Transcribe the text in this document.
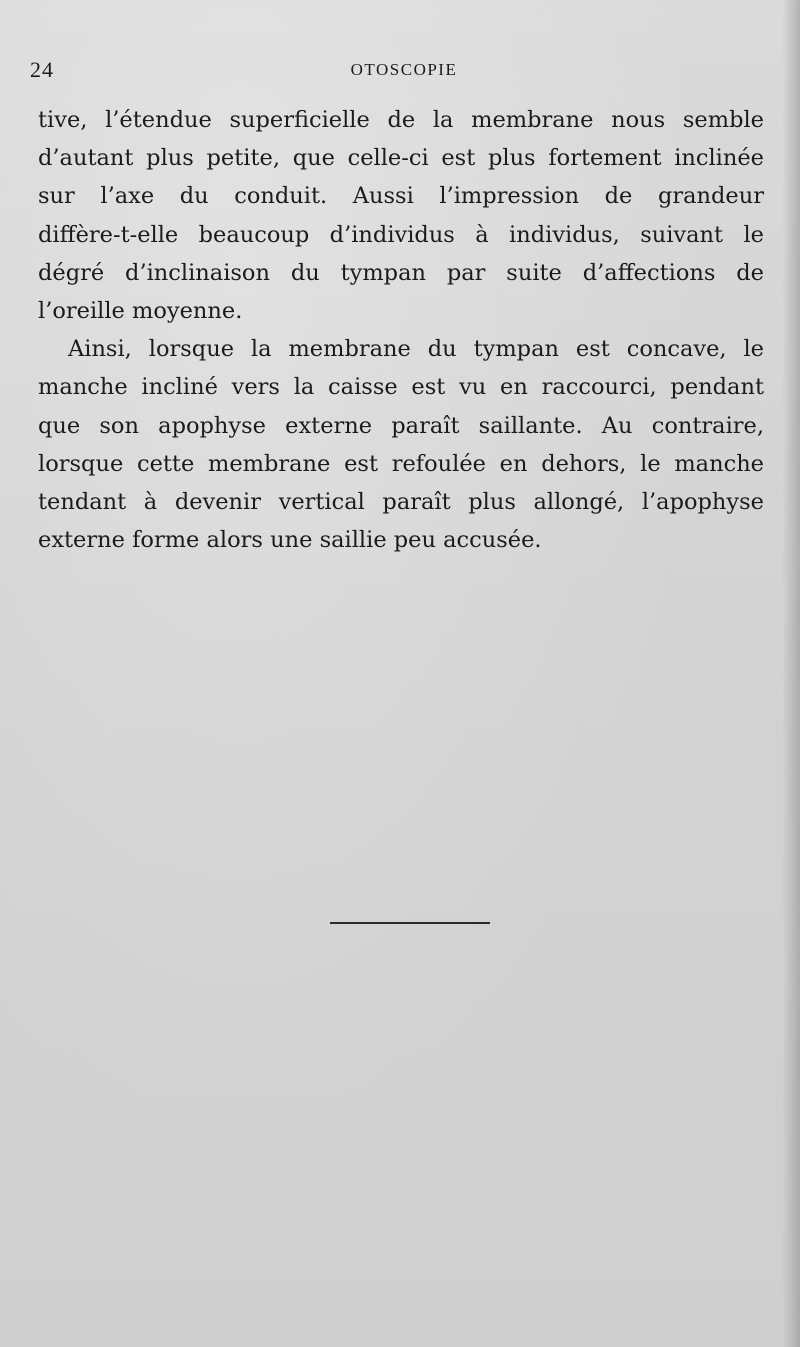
24	OTOSCOPIE
tive, l’étendue superficielle de la membrane nous semble
d’autant plus petite, que celle-ci est plus fortement inclinée
sur l’axe du conduit. Aussi l’impression de grandeur
diffère-t-elle beaucoup d’individus à individus, suivant le
dégré d’inclinaison du tympan par suite d’affections de
l’oreille moyenne.
Ainsi, lorsque la membrane du tympan est concave, le
manche incliné vers la caisse est vu en raccourci, pendant
que son apophyse externe paraît saillante. Au contraire,
lorsque cette membrane est refoulée en dehors, le manche
tendant à devenir vertical paraît plus allongé, l’apophyse
externe forme alors une saillie peu accusée.
